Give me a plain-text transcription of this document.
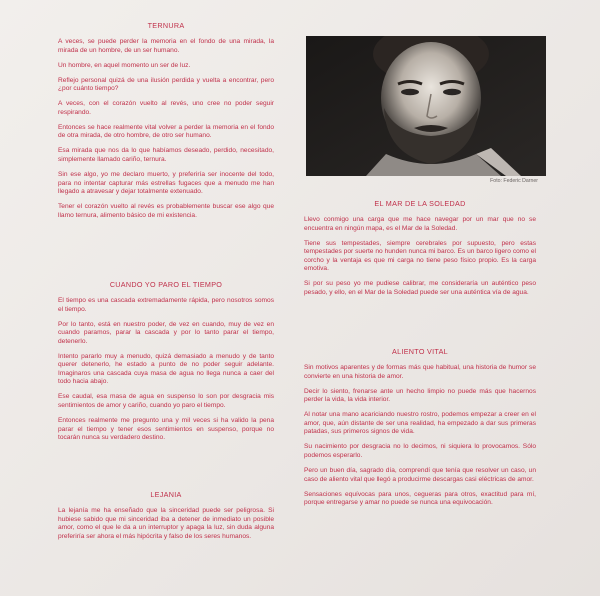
TERNURA

A veces, se puede perder la memoria en el fondo de una mirada, la mirada de un hombre, de un ser humano.

Un hombre, en aquel momento un ser de luz.

Reflejo personal quizá de una ilusión perdida y vuelta a encontrar, pero ¿por cuánto tiempo?

A veces, con el corazón vuelto al revés, uno cree no poder seguir respirando.

Entonces se hace realmente vital volver a perder la memoria en el fondo de otra mirada, de otro hombre, de otro ser humano.

Esa mirada que nos da lo que habíamos deseado, perdido, necesitado, simplemente llamado cariño, ternura.

Sin ese algo, yo me declaro muerto, y preferiría ser inocente del todo, para no intentar capturar más estrellas fugaces que a menudo me han llegado a atravesar y dejar totalmente extenuado.

Tener el corazón vuelto al revés es probablemente buscar ese algo que llamo ternura, alimento básico de mi existencia.

CUANDO YO PARO EL TIEMPO

El tiempo es una cascada extremadamente rápida, pero nosotros somos el tiempo.

Por lo tanto, está en nuestro poder, de vez en cuando, muy de vez en cuando paramos, parar la cascada y por lo tanto parar el tiempo, detenerlo.

Intento pararlo muy a menudo, quizá demasiado a menudo y de tanto querer detenerlo, he estado a punto de no poder seguir adelante. Imaginaros una cascada cuya masa de agua no llega nunca a caer del todo hacia abajo.

Ese caudal, esa masa de agua en suspenso lo son por desgracia mis sentimientos de amor y cariño, cuando yo paro el tiempo.

Entonces realmente me pregunto una y mil veces si ha valido la pena parar el tiempo y tener esos sentimientos en suspenso, porque no tocarán nunca su verdadero destino.

LEJANIA

La lejanía me ha enseñado que la sinceridad puede ser peligrosa. Si hubiese sabido que mi sinceridad iba a detener de inmediato un posible amor, como el que le da a un interruptor y apaga la luz, sin duda alguna preferiría ser ahora el más hipócrita y falso de los seres humanos.

Foto: Federic Darner
EL MAR DE LA SOLEDAD

Llevo conmigo una carga que me hace navegar por un mar que no se encuentra en ningún mapa, es el Mar de la Soledad.

Tiene sus tempestades, siempre cerebrales por supuesto, pero estas tempestades por suerte no hunden nunca mi barco. Es un barco ligero como el corcho y la ventaja es que mi carga no tiene peso físico propio. Es la carga emotiva.

Si por su peso yo me pudiese calibrar, me consideraría un auténtico peso pesado, y ello, en el Mar de la Soledad puede ser una auténtica vía de agua.

ALIENTO VITAL

Sin motivos aparentes y de formas más que habitual, una historia de humor se convierte en una historia de amor.

Decir lo siento, frenarse ante un hecho limpio no puede más que hacernos perder la vida, la vida interior.

Al notar una mano acariciando nuestro rostro, podemos empezar a creer en el amor, que, aún distante de ser una realidad, ha empezado a dar sus primeras patadas, sus primeros signos de vida.

Su nacimiento por desgracia no lo decimos, ni siquiera lo provocamos. Sólo podemos esperarlo.

Pero un buen día, sagrado día, comprendí que tenía que resolver un caso, un caso de aliento vital que llegó a producirme descargas casi eléctricas de amor.

Sensaciones equívocas para unos, cegueras para otros, exactitud para mí, porque entregarse y amar no puede se nunca una equivocación.
